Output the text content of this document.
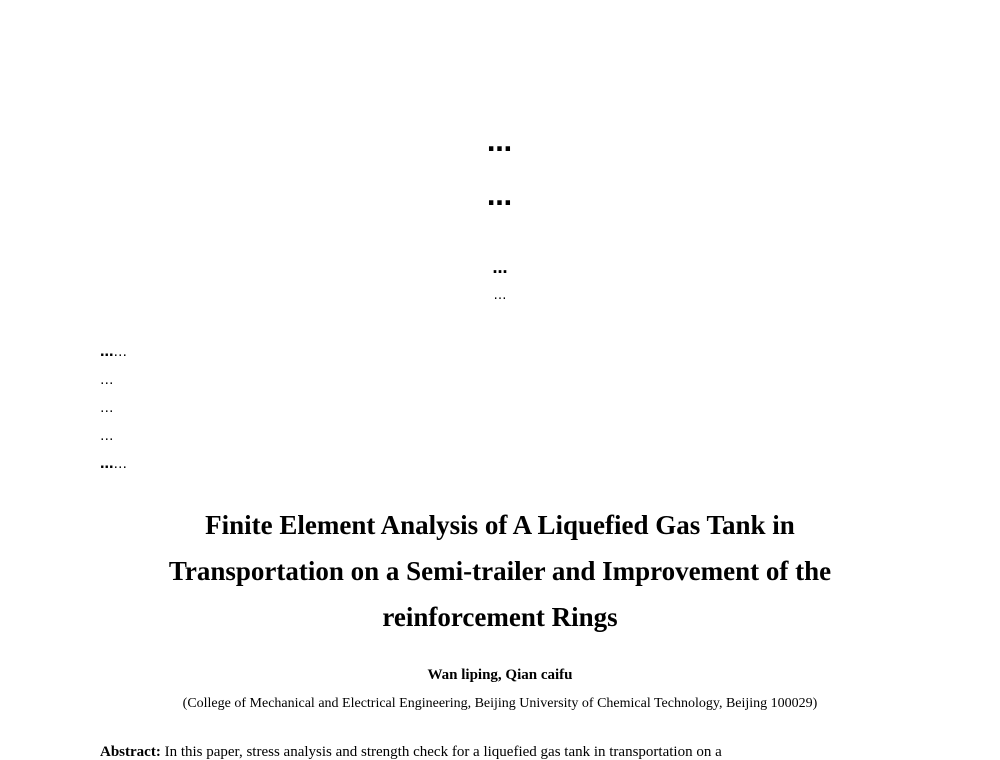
…
…
…
…
……
…
…
…
……
Finite Element Analysis of A Liquefied Gas Tank in
Transportation on a Semi-trailer and Improvement of the
reinforcement Rings
Wan liping, Qian caifu
(College of Mechanical and Electrical Engineering, Beijing University of Chemical Technology, Beijing 100029)
Abstract: In this paper, stress analysis and strength check for a liquefied gas tank in transportation on a
